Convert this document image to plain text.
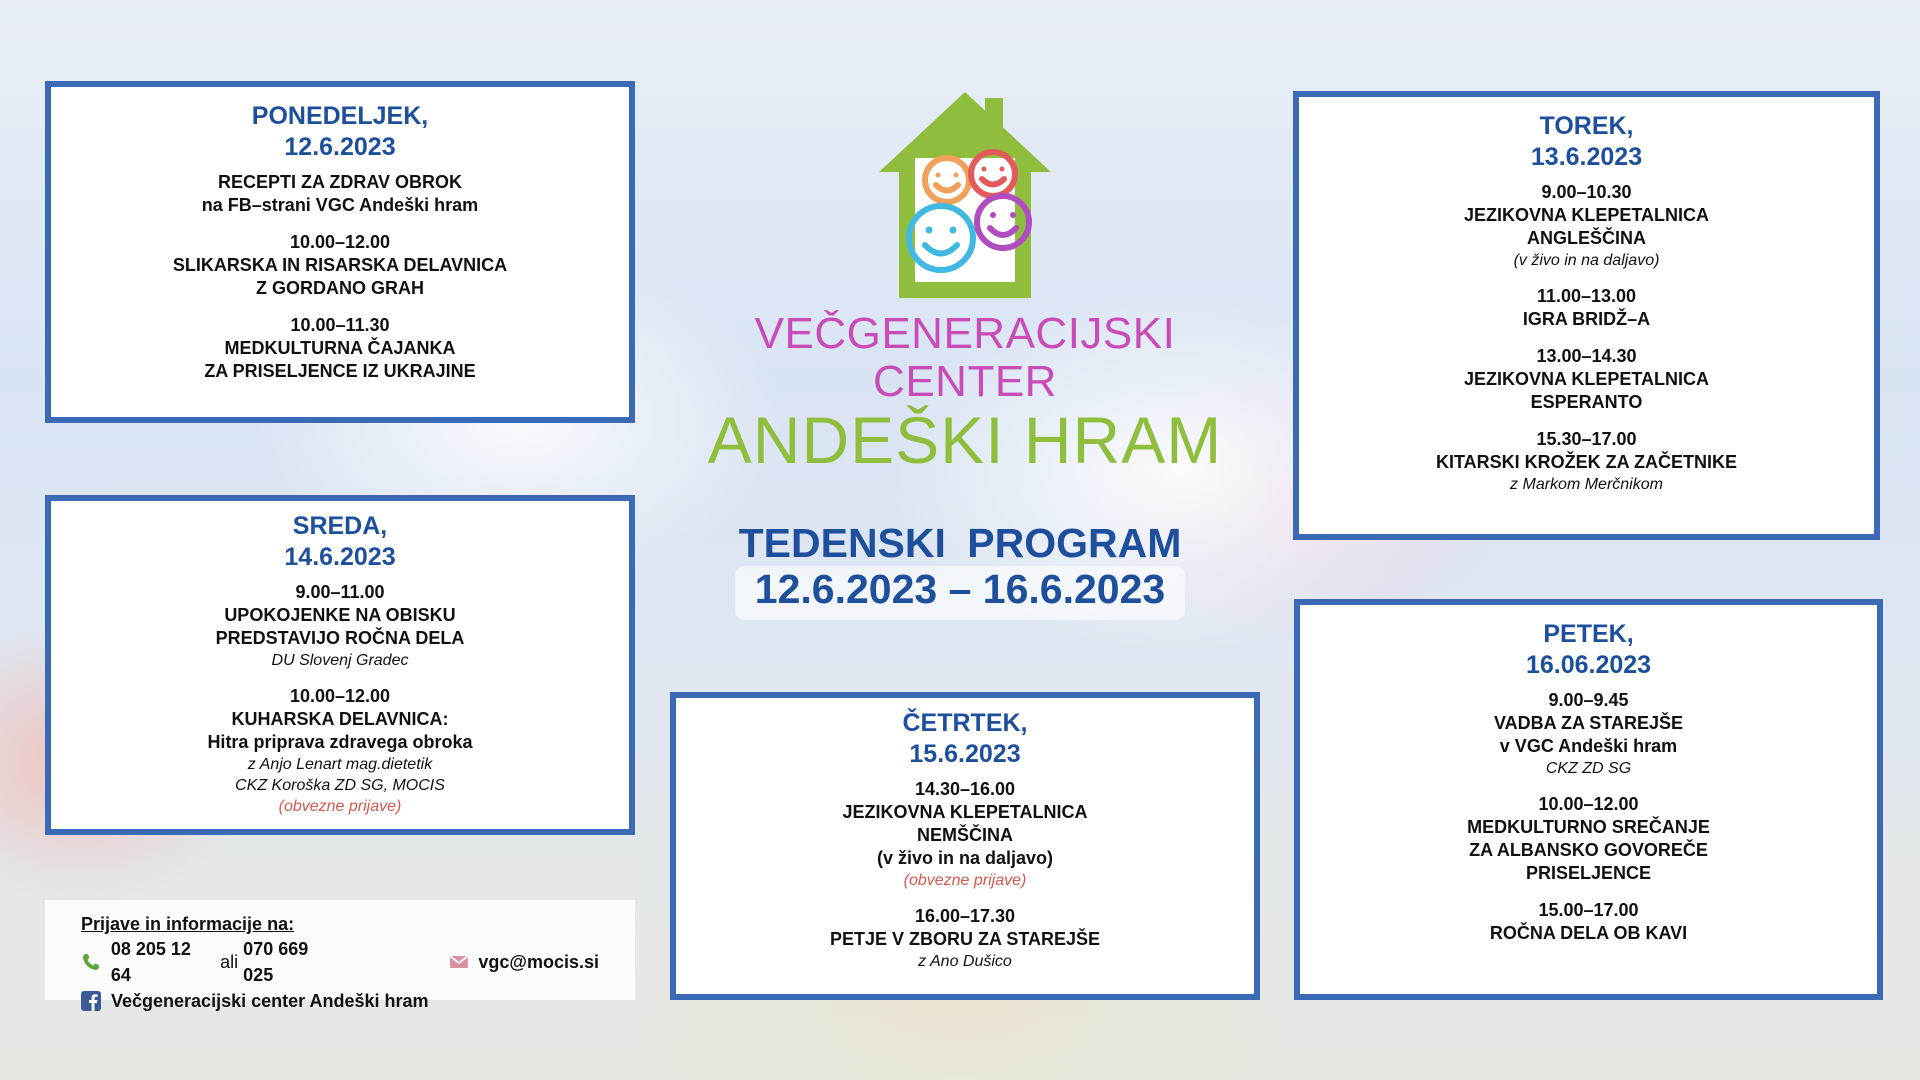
PONEDELJEK,
12.6.2023
RECEPTI ZA ZDRAV OBROK
na FB–strani VGC Andeški hram
10.00–12.00
SLIKARSKA IN RISARSKA DELAVNICA
Z GORDANO GRAH
10.00–11.30
MEDKULTURNA ČAJANKA
ZA PRISELJENCE IZ UKRAJINE
SREDA,
14.6.2023
9.00–11.00
UPOKOJENKE NA OBISKU
PREDSTAVIJO ROČNA DELA
DU Slovenj Gradec
10.00–12.00
KUHARSKA DELAVNICA:
Hitra priprava zdravega obroka
z Anjo Lenart mag.dietetik
CKZ Koroška ZD SG, MOCIS
(obvezne prijave)
VEČGENERACIJSKI CENTER
ANDEŠKI HRAM
TEDENSKI PROGRAM
12.6.2023 – 16.6.2023
TOREK,
13.6.2023
9.00–10.30
JEZIKOVNA KLEPETALNICA
ANGLEŠČINA
(v živo in na daljavo)
11.00–13.00
IGRA BRIDŽ–A
13.00–14.30
JEZIKOVNA KLEPETALNICA
ESPERANTO
15.30–17.00
KITARSKI KROŽEK ZA ZAČETNIKE
z Markom Merčnikom
ČETRTEK,
15.6.2023
14.30–16.00
JEZIKOVNA KLEPETALNICA
NEMŠČINA
(v živo in na daljavo)
(obvezne prijave)
16.00–17.30
PETJE V ZBORU ZA STAREJŠE
z Ano Dušico
PETEK,
16.06.2023
9.00–9.45
VADBA ZA STAREJŠE
v VGC Andeški hram
CKZ ZD SG
10.00–12.00
MEDKULTURNO SREČANJE
ZA ALBANSKO GOVOREČE
PRISELJENCE
15.00–17.00
ROČNA DELA OB KAVI
Prijave in informacije na:
08 205 12 64
ali
070 669 025
vgc@mocis.si
Večgeneracijski center Andeški hram
